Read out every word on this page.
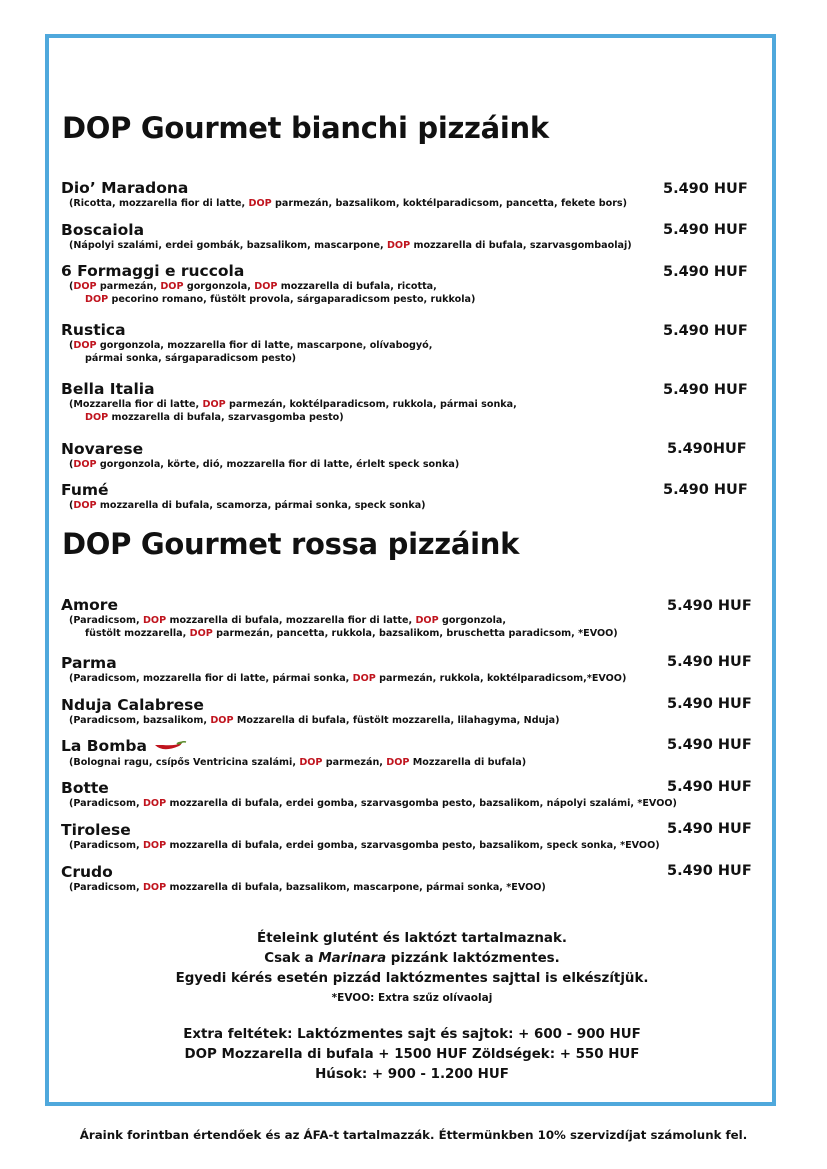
DOP Gourmet bianchi pizzáink
DOP Gourmet rossa pizzáink
Dio’ Maradona
(Ricotta, mozzarella fior di latte, DOP parmezán, bazsalikom, koktélparadicsom, pancetta, fekete bors)
5.490 HUF
Boscaiola
(Nápolyi szalámi, erdei gombák, bazsalikom, mascarpone, DOP mozzarella di bufala, szarvasgombaolaj)
5.490 HUF
6 Formaggi e ruccola
(DOP parmezán, DOP gorgonzola, DOP mozzarella di bufala, ricotta,
DOP pecorino romano, füstölt provola, sárgaparadicsom pesto, rukkola)
5.490 HUF
Rustica
(DOP gorgonzola, mozzarella fior di latte, mascarpone, olívabogyó,
pármai sonka, sárgaparadicsom pesto)
5.490 HUF
Bella Italia
(Mozzarella fior di latte, DOP parmezán, koktélparadicsom, rukkola, pármai sonka,
DOP mozzarella di bufala, szarvasgomba pesto)
5.490 HUF
Novarese
(DOP gorgonzola, körte, dió, mozzarella fior di latte, érlelt speck sonka)
5.490HUF
Fumé
(DOP mozzarella di bufala, scamorza, pármai sonka, speck sonka)
5.490 HUF
Amore
(Paradicsom, DOP mozzarella di bufala, mozzarella fior di latte, DOP gorgonzola,
füstölt mozzarella, DOP parmezán, pancetta, rukkola, bazsalikom, bruschetta paradicsom, *EVOO)
5.490 HUF
Parma
(Paradicsom, mozzarella fior di latte, pármai sonka, DOP parmezán, rukkola, koktélparadicsom,*EVOO)
5.490 HUF
Nduja Calabrese
(Paradicsom, bazsalikom, DOP Mozzarella di bufala, füstölt mozzarella, lilahagyma, Nduja)
5.490 HUF
La Bomba
(Bolognai ragu, csípős Ventricina szalámi, DOP parmezán, DOP Mozzarella di bufala)
5.490 HUF
Botte
(Paradicsom, DOP mozzarella di bufala, erdei gomba, szarvasgomba pesto, bazsalikom, nápolyi szalámi, *EVOO)
5.490 HUF
Tirolese
(Paradicsom, DOP mozzarella di bufala, erdei gomba, szarvasgomba pesto, bazsalikom, speck sonka, *EVOO)
5.490 HUF
Crudo
(Paradicsom, DOP mozzarella di bufala, bazsalikom, mascarpone, pármai sonka, *EVOO)
5.490 HUF
Ételeink glutént és laktózt tartalmaznak.
Csak a Marinara pizzánk laktózmentes.
Egyedi kérés esetén pizzád laktózmentes sajttal is elkészítjük.
*EVOO: Extra szűz olívaolaj
Extra feltétek: Laktózmentes sajt és sajtok: + 600 - 900 HUF
DOP Mozzarella di bufala + 1500 HUF Zöldségek: + 550 HUF
Húsok: + 900 - 1.200 HUF
Áraink forintban értendőek és az ÁFA-t tartalmazzák. Éttermünkben 10% szervizdíjat számolunk fel.
